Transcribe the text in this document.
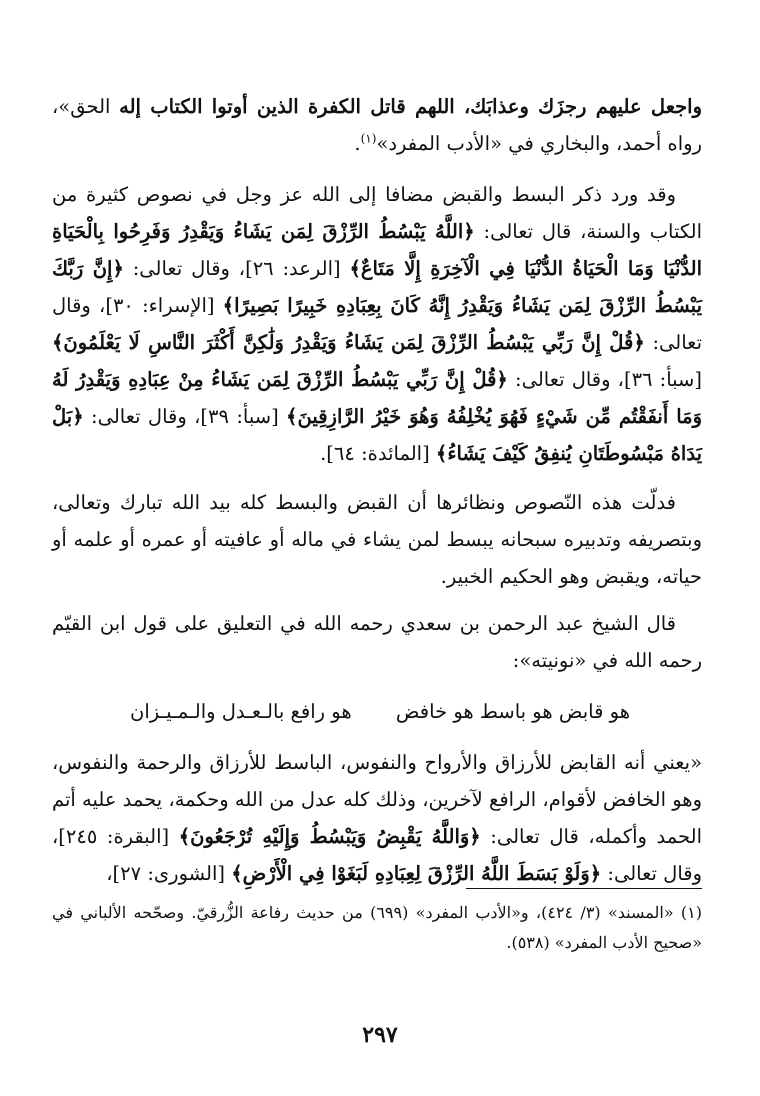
واجعل عليهم رجزَك وعذابَك، اللهم قاتل الكفرة الذين أوتوا الكتاب إله الحق»، رواه أحمد، والبخاري في «الأدب المفرد»$^{(١)}$.

وقد ورد ذكر البسط والقبض مضافا إلى الله عز وجل في نصوص كثيرة من الكتاب والسنة، قال تعالى: ﴿اللَّهُ يَبْسُطُ الرِّزْقَ لِمَن يَشَاءُ وَيَقْدِرُ وَفَرِحُوا بِالْحَيَاةِ الدُّنْيَا وَمَا الْحَيَاةُ الدُّنْيَا فِي الْآخِرَةِ إِلَّا مَتَاعٌ﴾ [الرعد: ٢٦]، وقال تعالى: ﴿إِنَّ رَبَّكَ يَبْسُطُ الرِّزْقَ لِمَن يَشَاءُ وَيَقْدِرُ إِنَّهُ كَانَ بِعِبَادِهِ خَبِيرًا بَصِيرًا﴾ [الإسراء: ٣٠]، وقال تعالى: ﴿قُلْ إِنَّ رَبِّي يَبْسُطُ الرِّزْقَ لِمَن يَشَاءُ وَيَقْدِرُ وَلَٰكِنَّ أَكْثَرَ النَّاسِ لَا يَعْلَمُونَ﴾ [سبأ: ٣٦]، وقال تعالى: ﴿قُلْ إِنَّ رَبِّي يَبْسُطُ الرِّزْقَ لِمَن يَشَاءُ مِنْ عِبَادِهِ وَيَقْدِرُ لَهُ وَمَا أَنفَقْتُم مِّن شَيْءٍ فَهُوَ يُخْلِفُهُ وَهُوَ خَيْرُ الرَّازِقِينَ﴾ [سبأ: ٣٩]، وقال تعالى: ﴿بَلْ يَدَاهُ مَبْسُوطَتَانِ يُنفِقُ كَيْفَ يَشَاءُ﴾ [المائدة: ٦٤].

فدلّت هذه النّصوص ونظائرها أن القبض والبسط كله بيد الله تبارك وتعالى، وبتصريفه وتدبيره سبحانه يبسط لمن يشاء في ماله أو عافيته أو عمره أو علمه أو حياته، ويقبض وهو الحكيم الخبير.

قال الشيخ عبد الرحمن بن سعدي رحمه الله في التعليق على قول ابن القيّم رحمه الله في «نونيته»:

هو قابض هو باسط هو خافض
هو رافع بالـعـدل والـمـيـزان

«يعني أنه القابض للأرزاق والأرواح والنفوس، الباسط للأرزاق والرحمة والنفوس، وهو الخافض لأقوام، الرافع لآخرين، وذلك كله عدل من الله وحكمة، يحمد عليه أتم الحمد وأكمله، قال تعالى: ﴿وَاللَّهُ يَقْبِضُ وَيَبْسُطُ وَإِلَيْهِ تُرْجَعُونَ﴾ [البقرة: ٢٤٥]، وقال تعالى: ﴿وَلَوْ بَسَطَ اللَّهُ الرِّزْقَ لِعِبَادِهِ لَبَغَوْا فِي الْأَرْضِ﴾ [الشورى: ٢٧]،

(١) «المسند» (٣/ ٤٢٤)، و«الأدب المفرد» (٦٩٩) من حديث رفاعة الزُّرقيّ. وصحّحه الألباني في «صحيح الأدب المفرد» (٥٣٨).

٢٩٧
